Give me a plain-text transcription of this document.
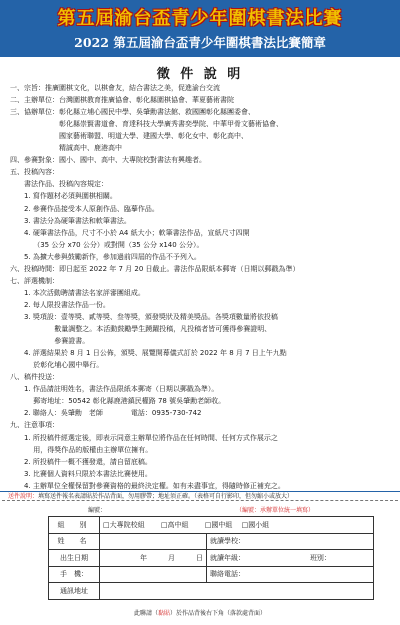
第五屆渝台盃青少年圍棋書法比賽
2022 第五屆渝台盃青少年圍棋書法比賽簡章
徵 件 說 明
一、宗旨：推廣圍棋文化，以棋會友，結合書法之美，促進渝台交流
二、主辦單位：台灣圍棋教育推廣協會、彰化縣圍棋協會、華夏藝術書院
三、協辦單位：彰化縣立埔心國民中學、吳肇勳書法館、救國團彰化縣團委會、
　　　　　　　彰化縣崇賢書道會、育達科技大學廣秀書奕學院、中華甲骨文藝術協會、
　　　　　　　國家藝術聯盟、明道大學、建國大學、彰化女中、彰化高中、
　　　　　　　精誠高中、鹿港高中
四、參賽對象：國小、國中、高中、大專院校對書法有興趣者。
五、投稿內容：
　　書法作品、投稿內容規定：
　　1. 寫作題材必須與圍棋相關。
　　2. 參賽作品接受本人原創作品、臨摹作品。
　　3. 書法分為硬筆書法和軟筆書法。
　　4. 硬筆書法作品，尺寸不小於 A4 紙大小；軟筆書法作品，宣紙尺寸四開
　　　 （35 公分 x70 公分）或對開（35 公分 x140 公分）。
　　5. 為擴大參與鼓勵新作，參加過前四屆的作品不予列入。
六、投稿時間：即日起至 2022 年 7 月 20 日截止。書法作品限紙本郵寄（日期以郵戳為準）
七、評選機制：
　　1. 本次活動聘請書法名家評審團組成。
　　2. 每人限投書法作品一份。
　　3. 獎項設：壹等獎、貳等獎、叁等獎，頒發獎狀及精美獎品。各獎項數量將依投稿
　　　　　　 數量調整之。本活動鼓勵學生踴躍投稿，凡投稿者皆可獲得參賽證明、
　　　　　　 參賽證書。
　　4. 評選結果於 8 月 1 日公佈，頒獎、展覽開幕儀式訂於 2022 年 8 月 7 日上午九點
　　　 於彰化埔心國中舉行。
八、稿件投送：
　　1. 作品請註明姓名，書法作品限紙本郵寄（日期以郵戳為準）。
　　　 郵寄地址：50542 彰化縣鹿港鎮民權路 78 號吳肇勳老師收。
　　2. 聯絡人：吳肇勳　老師　　　　電話：0935-730-742
九、注意事項：
　　1. 所投稿件經選定後，即表示同意主辦單位將作品在任何時間、任何方式作展示之
　　　 用，得獎作品的版權由主辦單位擁有。
　　2. 所投稿件一概不獲發還，請自留底稿。
　　3. 比賽個人資料只限於本書法比賽使用。
　　4. 主辦單位全權保留對參賽資格的最終決定權。如有未盡事宜，得隨時修正補充之。
送件說明：填寫送件報名表請貼於作品背面，勿用膠帶；地址須正確。（表格可自行影印，但勿縮小或放大）
編號：	（編號：承辦單位統一填寫）
組　別	□大專院校組　　 □高中組　　 □國中組　 □國小組		
姓　名		就讀學校：	
出生日期	年　　　月　　　日	就讀年級：	班別：
手　機：		聯絡電話：	
通訊地址			
此聯請（黏貼）於作品背後右下角（落款處背面）
